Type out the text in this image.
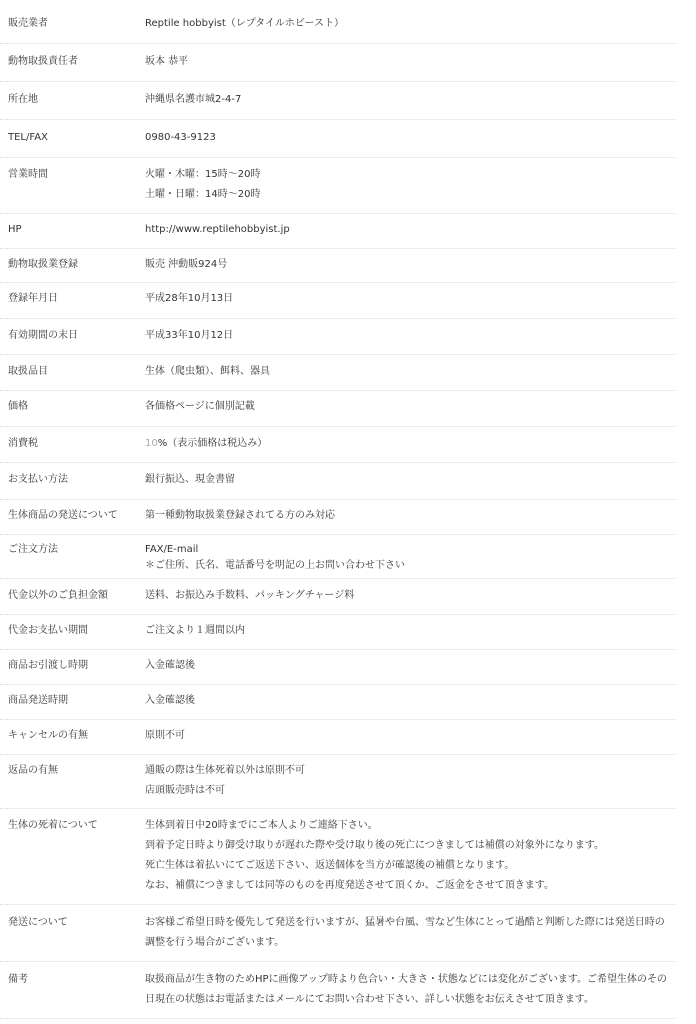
販売業者	Reptile hobbyist（レプタイルホビースト）
動物取扱責任者	坂本 恭平
所在地	沖縄県名護市城2-4-7
TEL/FAX	0980-43-9123
営業時間	火曜・木曜：15時〜20時
土曜・日曜：14時〜20時
HP	http://www.reptilehobbyist.jp
動物取扱業登録	販売 沖動販924号
登録年月日	平成28年10月13日
有効期間の末日	平成33年10月12日
取扱品目	生体（爬虫類）、餌料、器具
価格	各価格ページに個別記載
消費税	10%（表示価格は税込み）
お支払い方法	銀行振込、現金書留
生体商品の発送について	第一種動物取扱業登録されてる方のみ対応
ご注文方法	FAX/E-mail
＊ご住所、氏名、電話番号を明記の上お問い合わせ下さい
代金以外のご負担金額	送料、お振込み手数料、パッキングチャージ料
代金お支払い期間	ご注文より１週間以内
商品お引渡し時期	入金確認後
商品発送時期	入金確認後
キャンセルの有無	原則不可
返品の有無	通販の際は生体死着以外は原則不可
店頭販売時は不可
生体の死着について	生体到着日中20時までにご本人よりご連絡下さい。
到着予定日時より御受け取りが遅れた際や受け取り後の死亡につきましては補償の対象外になります。
死亡生体は着払いにてご返送下さい、返送個体を当方が確認後の補償となります。
なお、補償につきましては同等のものを再度発送させて頂くか、ご返金をさせて頂きます。
発送について	お客様ご希望日時を優先して発送を行いますが、猛暑や台風、雪など生体にとって過酷と判断した際には発送日時の
調整を行う場合がございます。
備考	取扱商品が生き物のためHPに画像アップ時より色合い・大きさ・状態などには変化がございます。ご希望生体のその
日現在の状態はお電話またはメールにてお問い合わせ下さい、詳しい状態をお伝えさせて頂きます。
